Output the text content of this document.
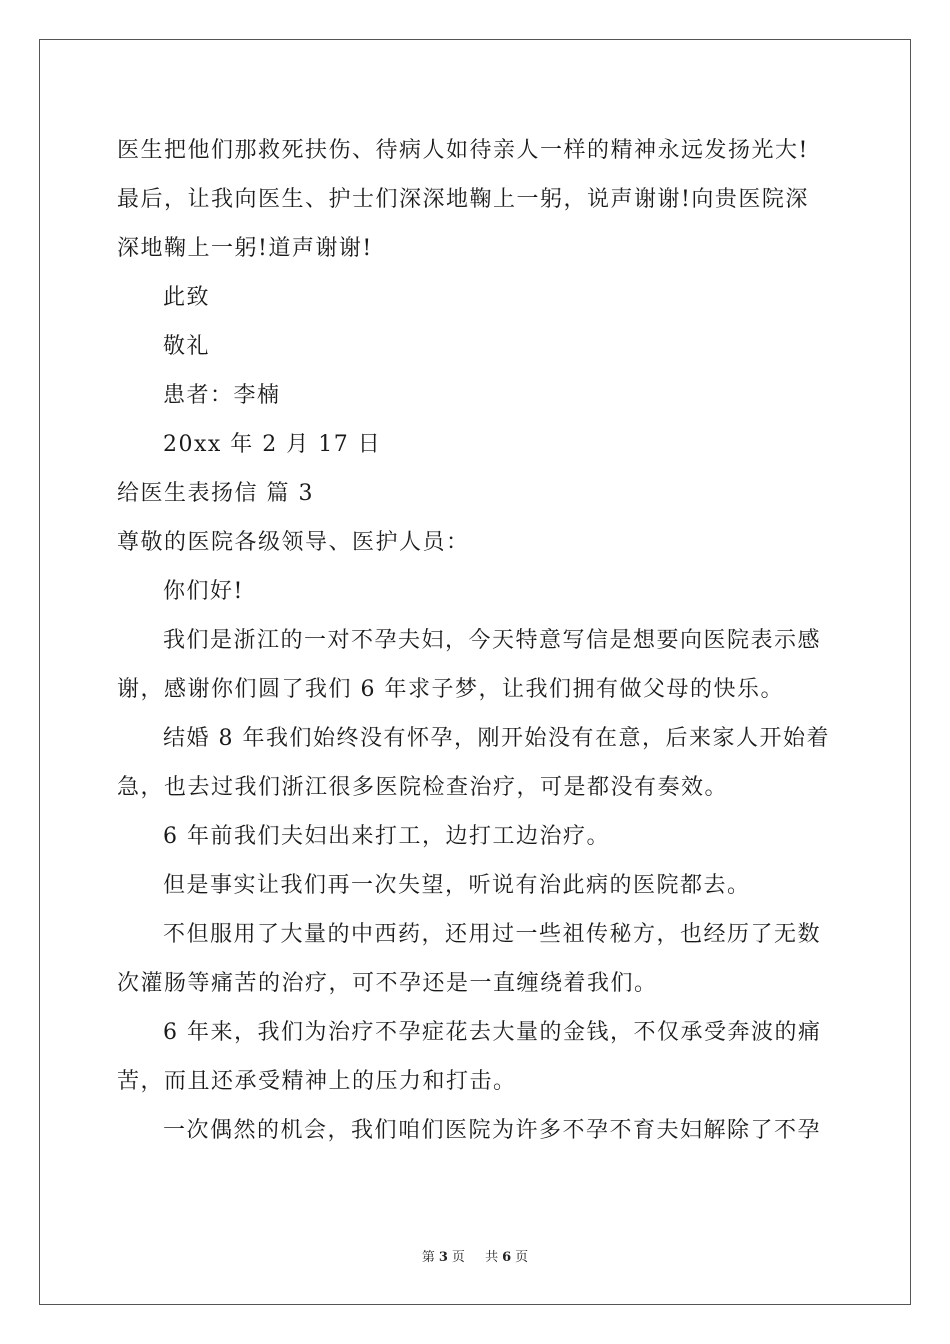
医生把他们那救死扶伤、待病人如待亲人一样的精神永远发扬光大!
最后，让我向医生、护士们深深地鞠上一躬，说声谢谢!向贵医院深
深地鞠上一躬!道声谢谢!
此致
敬礼
患者：李楠
20xx 年 2 月 17 日
给医生表扬信 篇 3
尊敬的医院各级领导、医护人员：
你们好!
我们是浙江的一对不孕夫妇，今天特意写信是想要向医院表示感
谢，感谢你们圆了我们 6 年求子梦，让我们拥有做父母的快乐。
结婚 8 年我们始终没有怀孕，刚开始没有在意，后来家人开始着
急，也去过我们浙江很多医院检查治疗，可是都没有奏效。
6 年前我们夫妇出来打工，边打工边治疗。
但是事实让我们再一次失望，听说有治此病的医院都去。
不但服用了大量的中西药，还用过一些祖传秘方，也经历了无数
次灌肠等痛苦的治疗，可不孕还是一直缠绕着我们。
6 年来，我们为治疗不孕症花去大量的金钱，不仅承受奔波的痛
苦，而且还承受精神上的压力和打击。
一次偶然的机会，我们咱们医院为许多不孕不育夫妇解除了不孕
第 3 页 共 6 页
